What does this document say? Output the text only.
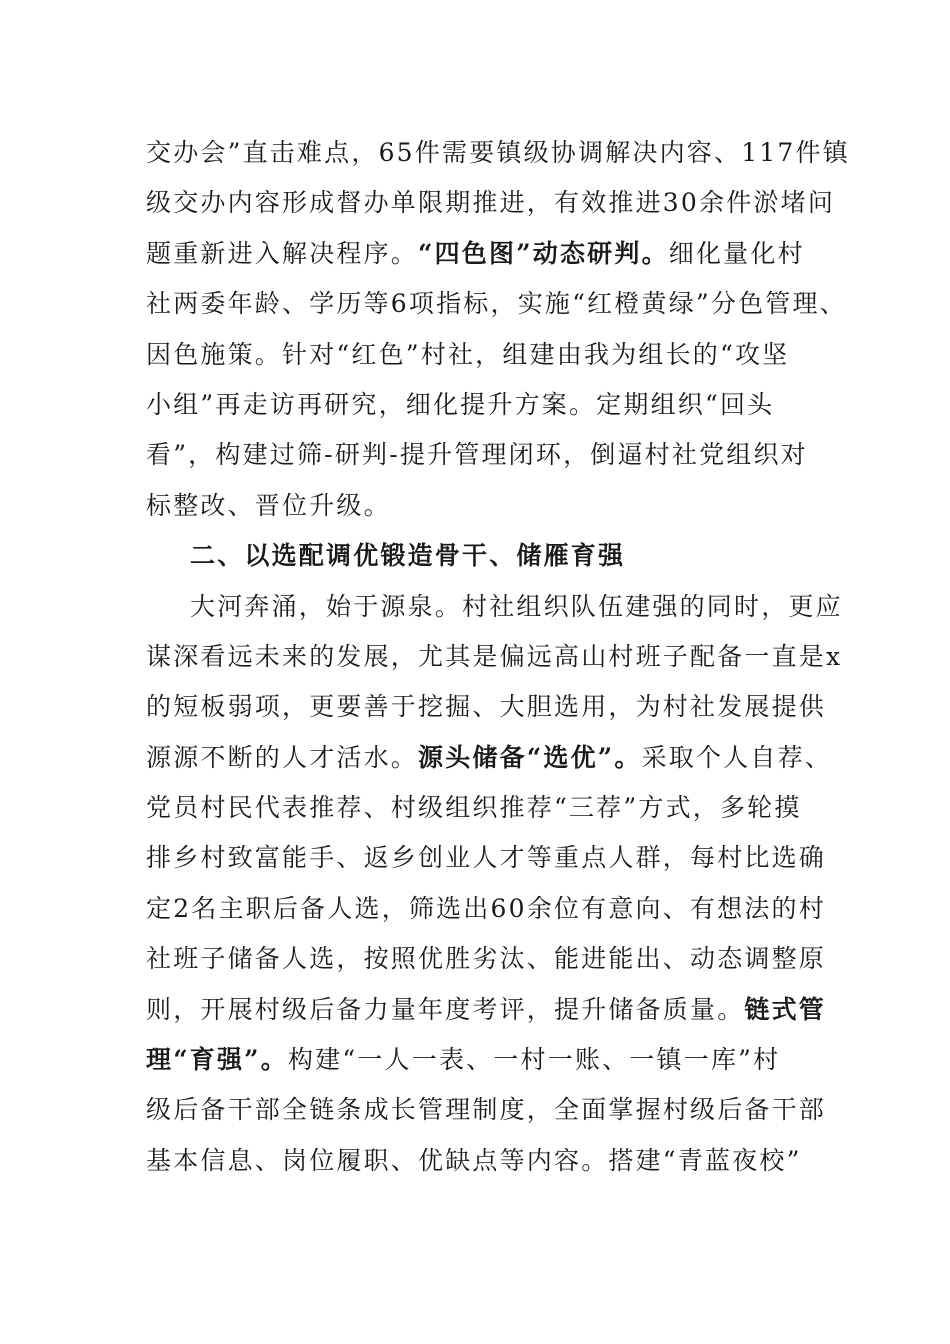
交办会”直击难点，65件需要镇级协调解决内容、117件镇
级交办内容形成督办单限期推进，有效推进30余件淤堵问
题重新进入解决程序。“四色图”动态研判。细化量化村
社两委年龄、学历等6项指标，实施“红橙黄绿”分色管理、
因色施策。针对“红色”村社，组建由我为组长的“攻坚
小组”再走访再研究，细化提升方案。定期组织“回头
看”，构建过筛-研判-提升管理闭环，倒逼村社党组织对
标整改、晋位升级。
二、以选配调优锻造骨干、储雁育强
大河奔涌，始于源泉。村社组织队伍建强的同时，更应
谋深看远未来的发展，尤其是偏远高山村班子配备一直是x
的短板弱项，更要善于挖掘、大胆选用，为村社发展提供
源源不断的人才活水。源头储备“选优”。采取个人自荐、
党员村民代表推荐、村级组织推荐“三荐”方式，多轮摸
排乡村致富能手、返乡创业人才等重点人群，每村比选确
定2名主职后备人选，筛选出60余位有意向、有想法的村
社班子储备人选，按照优胜劣汰、能进能出、动态调整原
则，开展村级后备力量年度考评，提升储备质量。链式管
理“育强”。构建“一人一表、一村一账、一镇一库”村
级后备干部全链条成长管理制度，全面掌握村级后备干部
基本信息、岗位履职、优缺点等内容。搭建“青蓝夜校”
